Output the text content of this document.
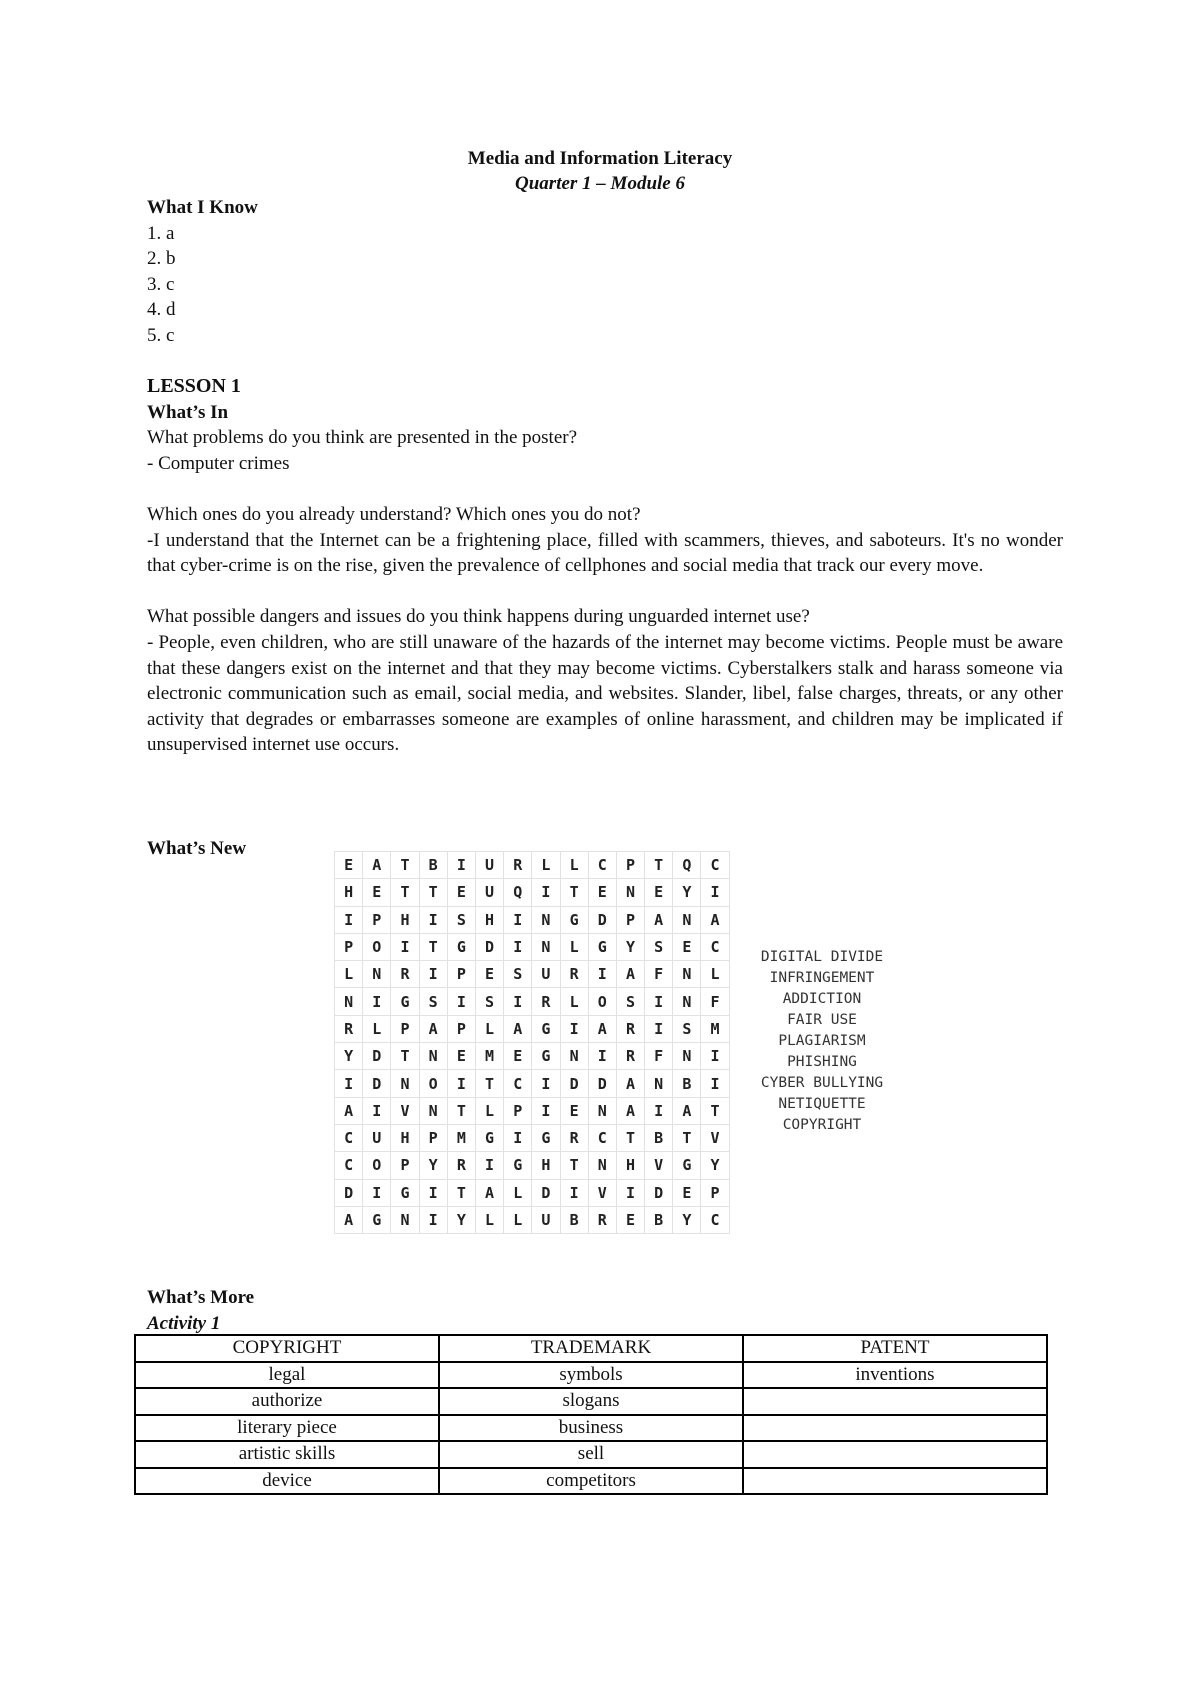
Media and Information Literacy
Quarter 1 – Module 6
What I Know
1. a
2. b
3. c
4. d
5. c
LESSON 1
What’s In
What problems do you think are presented in the poster?
- Computer crimes
Which ones do you already understand? Which ones you do not?
-I understand that the Internet can be a frightening place, filled with scammers, thieves, and saboteurs. It's no wonder that cyber-crime is on the rise, given the prevalence of cellphones and social media that track our every move.
What possible dangers and issues do you think happens during unguarded internet use?
- People, even children, who are still unaware of the hazards of the internet may become victims. People must be aware that these dangers exist on the internet and that they may become victims. Cyberstalkers stalk and harass someone via electronic communication such as email, social media, and websites. Slander, libel, false charges, threats, or any other activity that degrades or embarrasses someone are examples of online harassment, and children may be implicated if unsupervised internet use occurs.
What’s New
E	A	T	B	I	U	R	L	L	C	P	T	Q	C
H	E	T	T	E	U	Q	I	T	E	N	E	Y	I
I	P	H	I	S	H	I	N	G	D	P	A	N	A
P	O	I	T	G	D	I	N	L	G	Y	S	E	C
L	N	R	I	P	E	S	U	R	I	A	F	N	L
N	I	G	S	I	S	I	R	L	O	S	I	N	F
R	L	P	A	P	L	A	G	I	A	R	I	S	M
Y	D	T	N	E	M	E	G	N	I	R	F	N	I
I	D	N	O	I	T	C	I	D	D	A	N	B	I
A	I	V	N	T	L	P	I	E	N	A	I	A	T
C	U	H	P	M	G	I	G	R	C	T	B	T	V
C	O	P	Y	R	I	G	H	T	N	H	V	G	Y
D	I	G	I	T	A	L	D	I	V	I	D	E	P
A	G	N	I	Y	L	L	U	B	R	E	B	Y	C
DIGITAL DIVIDE
INFRINGEMENT
ADDICTION
FAIR USE
PLAGIARISM
PHISHING
CYBER BULLYING
NETIQUETTE
COPYRIGHT
What’s More
Activity 1
COPYRIGHT	TRADEMARK	PATENT
legal	symbols	inventions
authorize	slogans	
literary piece	business	
artistic skills	sell	
device	competitors	
